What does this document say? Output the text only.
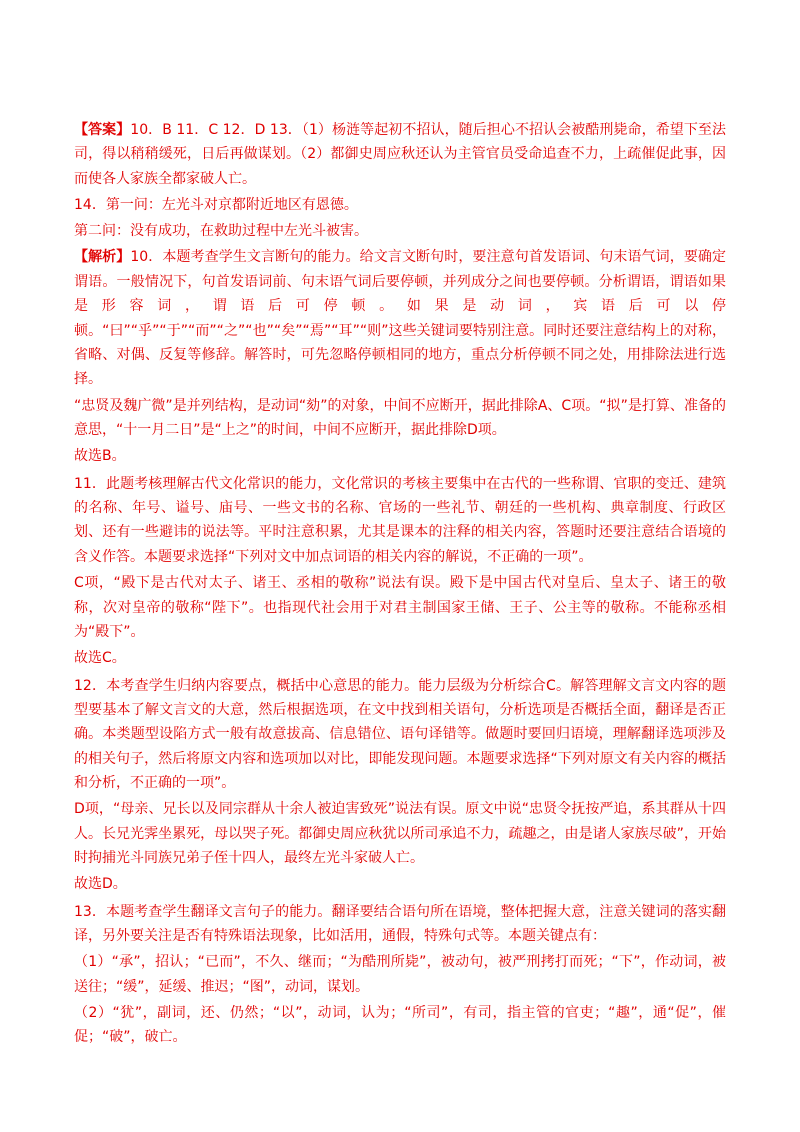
【答案】10．B 11．C 12．D 13．（1）杨涟等起初不招认，随后担心不招认会被酷刑毙命，希望下至法司，得以稍稍缓死，日后再做谋划。（2）都御史周应秋还认为主管官员受命追查不力，上疏催促此事，因而使各人家族全都家破人亡。

14．第一问：左光斗对京都附近地区有恩德。

第二问：没有成功，在救助过程中左光斗被害。

【解析】10．本题考查学生文言断句的能力。给文言文断句时，要注意句首发语词、句末语气词，要确定谓语。一般情况下，句首发语词前、句末语气词后要停顿，并列成分之间也要停顿。分析谓语，谓语如果是形容词，谓语后可停顿。如果是动词，宾语后可以停顿。“曰”“乎”“于”“而”“之”“也”“矣”“焉”“耳”“则”这些关键词要特别注意。同时还要注意结构上的对称，省略、对偶、反复等修辞。解答时，可先忽略停顿相同的地方，重点分析停顿不同之处，用排除法进行选择。

“忠贤及魏广微”是并列结构，是动词“劾”的对象，中间不应断开，据此排除A、C项。“拟”是打算、准备的意思，“十一月二日”是“上之”的时间，中间不应断开，据此排除D项。

故选B。

11．此题考核理解古代文化常识的能力，文化常识的考核主要集中在古代的一些称谓、官职的变迁、建筑的名称、年号、谥号、庙号、一些文书的名称、官场的一些礼节、朝廷的一些机构、典章制度、行政区划、还有一些避讳的说法等。平时注意积累，尤其是课本的注释的相关内容，答题时还要注意结合语境的含义作答。本题要求选择“下列对文中加点词语的相关内容的解说，不正确的一项”。

C项，“殿下是古代对太子、诸王、丞相的敬称”说法有误。殿下是中国古代对皇后、皇太子、诸王的敬称，次对皇帝的敬称“陛下”。也指现代社会用于对君主制国家王储、王子、公主等的敬称。不能称丞相为“殿下”。

故选C。

12．本考查学生归纳内容要点，概括中心意思的能力。能力层级为分析综合C。解答理解文言文内容的题型要基本了解文言文的大意，然后根据选项，在文中找到相关语句，分析选项是否概括全面，翻译是否正确。本类题型设陷方式一般有故意拔高、信息错位、语句译错等。做题时要回归语境，理解翻译选项涉及的相关句子，然后将原文内容和选项加以对比，即能发现问题。本题要求选择“下列对原文有关内容的概括和分析，不正确的一项”。

D项，“母亲、兄长以及同宗群从十余人被迫害致死”说法有误。原文中说“忠贤令抚按严追，系其群从十四人。长兄光霁坐累死，母以哭子死。都御史周应秋犹以所司承追不力，疏趣之，由是诸人家族尽破”，开始时拘捕光斗同族兄弟子侄十四人，最终左光斗家破人亡。

故选D。

13．本题考查学生翻译文言句子的能力。翻译要结合语句所在语境，整体把握大意，注意关键词的落实翻译，另外要关注是否有特殊语法现象，比如活用，通假，特殊句式等。本题关键点有：

（1）“承”，招认；“已而”，不久、继而；“为酷刑所毙”，被动句，被严刑拷打而死；“下”，作动词，被送往；“缓”，延缓、推迟；“图”，动词，谋划。

（2）“犹”，副词，还、仍然；“以”，动词，认为；“所司”，有司，指主管的官吏；“趣”，通“促”，催促；“破”，破亡。
